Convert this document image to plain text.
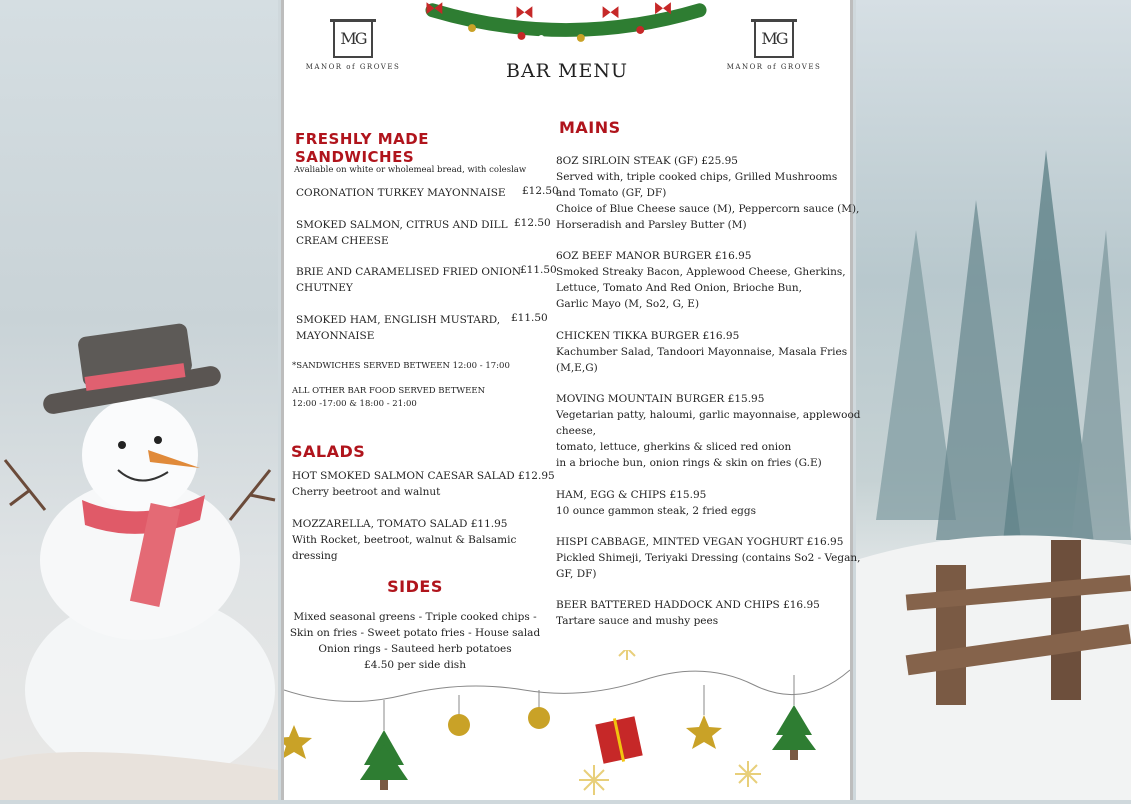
MG
MANOR of GROVES
MG
MANOR of GROVES
BAR MENU
FRESHLY MADE
SANDWICHES
Avaliable on white or wholemeal bread, with coleslaw
CORONATION TURKEY MAYONNAISE £12.50
SMOKED SALMON, CITRUS AND DILL
CREAM CHEESE
£12.50
BRIE AND CARAMELISED FRIED ONION
CHUTNEY
£11.50
SMOKED HAM, ENGLISH MUSTARD,
MAYONNAISE
£11.50
*SANDWICHES SERVED BETWEEN 12:00 - 17:00
ALL OTHER BAR FOOD SERVED BETWEEN
12:00 -17:00 & 18:00 - 21:00
SALADS
HOT SMOKED SALMON CAESAR SALAD £12.95
Cherry beetroot and walnut
MOZZARELLA, TOMATO SALAD £11.95
With Rocket, beetroot, walnut & Balsamic
dressing
SIDES
Mixed seasonal greens - Triple cooked chips -
Skin on fries - Sweet potato fries - House salad
Onion rings - Sauteed herb potatoes
£4.50 per side dish
MAINS
8OZ SIRLOIN STEAK (GF) £25.95
Served with, triple cooked chips, Grilled Mushrooms
and Tomato (GF, DF)
Choice of Blue Cheese sauce (M), Peppercorn sauce (M),
Horseradish and Parsley Butter (M)
6OZ BEEF MANOR BURGER £16.95
Smoked Streaky Bacon, Applewood Cheese, Gherkins,
Lettuce, Tomato And Red Onion, Brioche Bun,
Garlic Mayo (M, So2, G, E)
CHICKEN TIKKA BURGER £16.95
Kachumber Salad, Tandoori Mayonnaise, Masala Fries
(M,E,G)
MOVING MOUNTAIN BURGER £15.95
Vegetarian patty, haloumi, garlic mayonnaise, applewood
cheese,
tomato, lettuce, gherkins & sliced red onion
in a brioche bun, onion rings & skin on fries (G.E)
HAM, EGG & CHIPS £15.95
10 ounce gammon steak, 2 fried eggs
HISPI CABBAGE, MINTED VEGAN YOGHURT £16.95
Pickled Shimeji, Teriyaki Dressing (contains So2 - Vegan,
GF, DF)
BEER BATTERED HADDOCK AND CHIPS £16.95
Tartare sauce and mushy pees
